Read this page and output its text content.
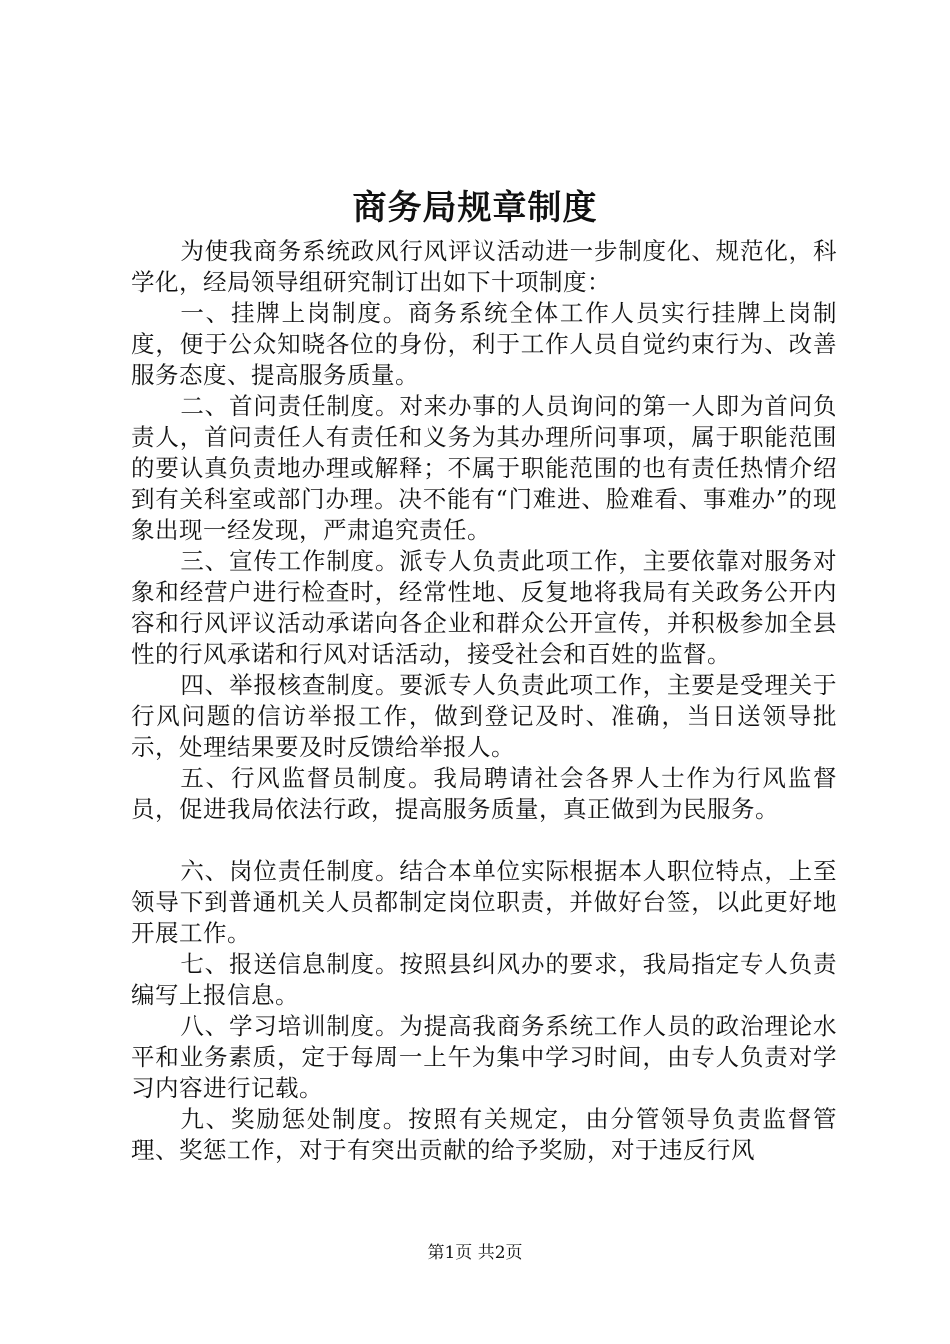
商务局规章制度

为使我商务系统政风行风评议活动进一步制度化、规范化，科学化，经局领导组研究制订出如下十项制度：

一、挂牌上岗制度。商务系统全体工作人员实行挂牌上岗制度，便于公众知晓各位的身份，利于工作人员自觉约束行为、改善服务态度、提高服务质量。

二、首问责任制度。对来办事的人员询问的第一人即为首问负责人，首问责任人有责任和义务为其办理所问事项，属于职能范围的要认真负责地办理或解释；不属于职能范围的也有责任热情介绍到有关科室或部门办理。决不能有“门难进、脸难看、事难办”的现象出现一经发现，严肃追究责任。

三、宣传工作制度。派专人负责此项工作，主要依靠对服务对象和经营户进行检查时，经常性地、反复地将我局有关政务公开内容和行风评议活动承诺向各企业和群众公开宣传，并积极参加全县性的行风承诺和行风对话活动，接受社会和百姓的监督。

四、举报核查制度。要派专人负责此项工作，主要是受理关于行风问题的信访举报工作，做到登记及时、准确，当日送领导批示，处理结果要及时反馈给举报人。

五、行风监督员制度。我局聘请社会各界人士作为行风监督员，促进我局依法行政，提高服务质量，真正做到为民服务。

六、岗位责任制度。结合本单位实际根据本人职位特点，上至领导下到普通机关人员都制定岗位职责，并做好台签，以此更好地开展工作。

七、报送信息制度。按照县纠风办的要求，我局指定专人负责编写上报信息。

八、学习培训制度。为提高我商务系统工作人员的政治理论水平和业务素质，定于每周一上午为集中学习时间，由专人负责对学习内容进行记载。

九、奖励惩处制度。按照有关规定，由分管领导负责监督管理、奖惩工作，对于有突出贡献的给予奖励，对于违反行风

第1页 共2页
